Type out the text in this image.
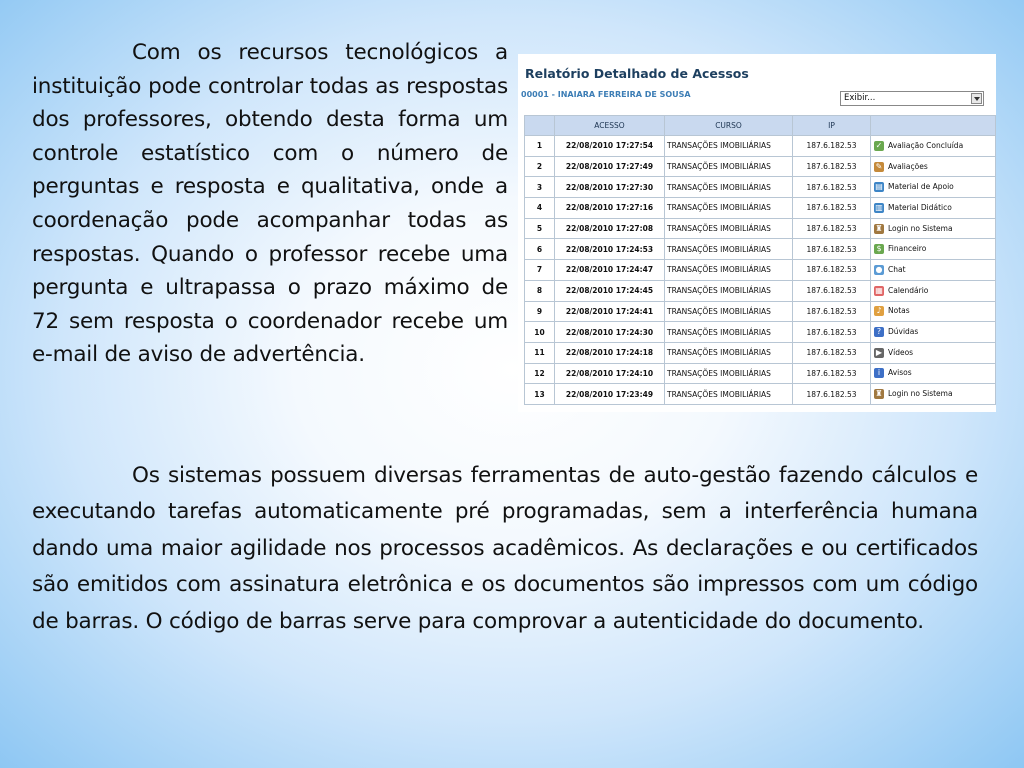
Com os recursos tecnológicos a instituição pode controlar todas as respostas dos professores, obtendo desta forma um controle estatístico com o número de perguntas e resposta e qualitativa, onde a coordenação pode acompanhar todas as respostas. Quando o professor recebe uma pergunta e ultrapassa o prazo máximo de 72 sem resposta o coordenador recebe um e-mail de aviso de advertência.

Relatório Detalhado de Acessos
00001 - INAIARA FERREIRA DE SOUSA	Exibir...
	ACESSO	CURSO	IP	
1	22/08/2010 17:27:54	TRANSAÇÕES IMOBILIÁRIAS	187.6.182.53	✓ Avaliação Concluída
2	22/08/2010 17:27:49	TRANSAÇÕES IMOBILIÁRIAS	187.6.182.53	✎ Avaliações
3	22/08/2010 17:27:30	TRANSAÇÕES IMOBILIÁRIAS	187.6.182.53	▤ Material de Apoio
4	22/08/2010 17:27:16	TRANSAÇÕES IMOBILIÁRIAS	187.6.182.53	▥ Material Didático
5	22/08/2010 17:27:08	TRANSAÇÕES IMOBILIÁRIAS	187.6.182.53	♜ Login no Sistema
6	22/08/2010 17:24:53	TRANSAÇÕES IMOBILIÁRIAS	187.6.182.53	$ Financeiro
7	22/08/2010 17:24:47	TRANSAÇÕES IMOBILIÁRIAS	187.6.182.53	● Chat
8	22/08/2010 17:24:45	TRANSAÇÕES IMOBILIÁRIAS	187.6.182.53	▦ Calendário
9	22/08/2010 17:24:41	TRANSAÇÕES IMOBILIÁRIAS	187.6.182.53	♪ Notas
10	22/08/2010 17:24:30	TRANSAÇÕES IMOBILIÁRIAS	187.6.182.53	? Dúvidas
11	22/08/2010 17:24:18	TRANSAÇÕES IMOBILIÁRIAS	187.6.182.53	▶ Vídeos
12	22/08/2010 17:24:10	TRANSAÇÕES IMOBILIÁRIAS	187.6.182.53	i Avisos
13	22/08/2010 17:23:49	TRANSAÇÕES IMOBILIÁRIAS	187.6.182.53	♜ Login no Sistema

Os sistemas possuem diversas ferramentas de auto-gestão fazendo cálculos e executando tarefas automaticamente pré programadas, sem a interferência humana dando uma maior agilidade nos processos acadêmicos. As declarações e ou certificados são emitidos com assinatura eletrônica e os documentos são impressos com um código de barras. O código de barras serve para comprovar a autenticidade do documento.
